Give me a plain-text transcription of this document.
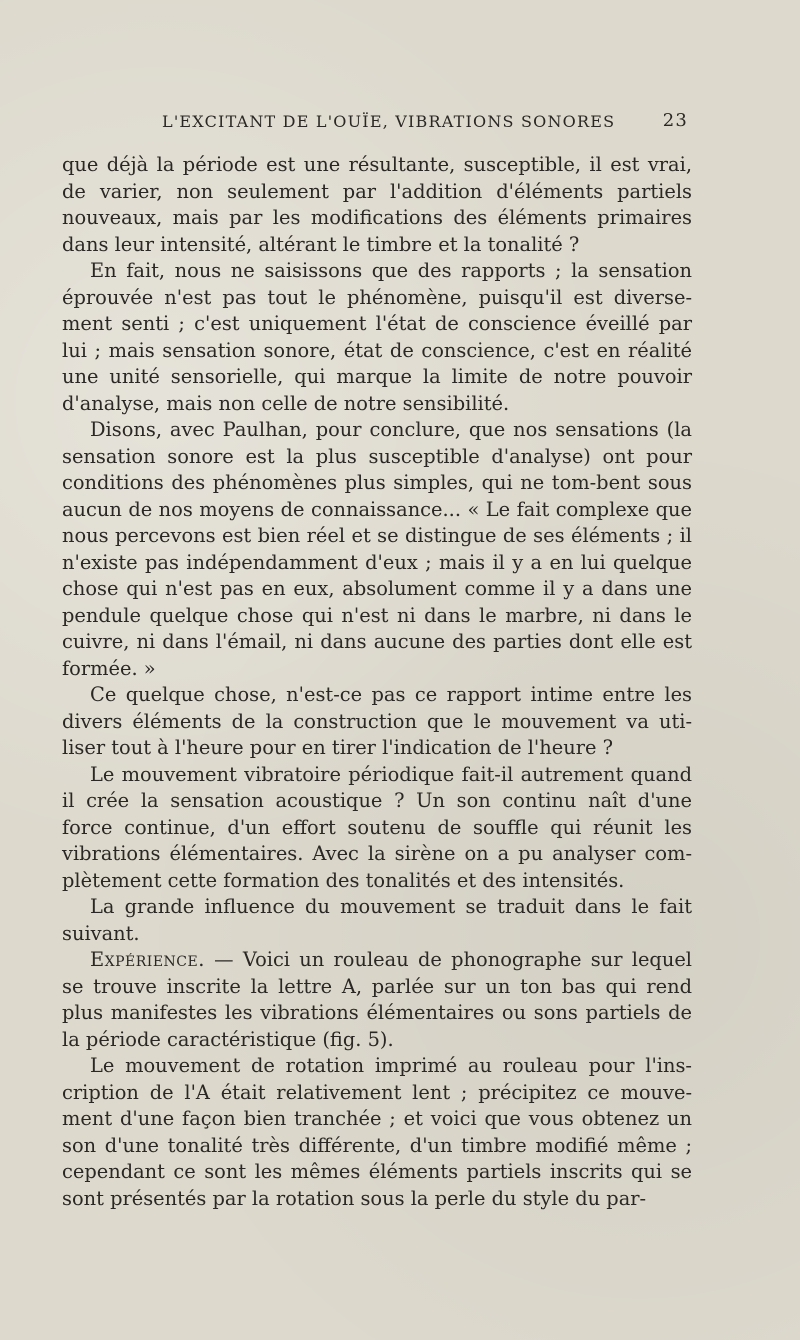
L'EXCITANT DE L'OUÏE, VIBRATIONS SONORES	23

que déjà la période est une résultante, susceptible, il est vrai, de varier, non seulement par l'addition d'éléments partiels nouveaux, mais par les modifications des éléments primaires dans leur intensité, altérant le timbre et la tonalité ?

En fait, nous ne saisissons que des rapports ; la sensation éprouvée n'est pas tout le phénomène, puisqu'il est diverse-ment senti ; c'est uniquement l'état de conscience éveillé par lui ; mais sensation sonore, état de conscience, c'est en réalité une unité sensorielle, qui marque la limite de notre pouvoir d'analyse, mais non celle de notre sensibilité.

Disons, avec Paulhan, pour conclure, que nos sensations (la sensation sonore est la plus susceptible d'analyse) ont pour conditions des phénomènes plus simples, qui ne tom-bent sous aucun de nos moyens de connaissance... « Le fait complexe que nous percevons est bien réel et se distingue de ses éléments ; il n'existe pas indépendamment d'eux ; mais il y a en lui quelque chose qui n'est pas en eux, absolument comme il y a dans une pendule quelque chose qui n'est ni dans le marbre, ni dans le cuivre, ni dans l'émail, ni dans aucune des parties dont elle est formée. »

Ce quelque chose, n'est-ce pas ce rapport intime entre les divers éléments de la construction que le mouvement va uti-liser tout à l'heure pour en tirer l'indication de l'heure ?

Le mouvement vibratoire périodique fait-il autrement quand il crée la sensation acoustique ? Un son continu naît d'une force continue, d'un effort soutenu de souffle qui réunit les vibrations élémentaires. Avec la sirène on a pu analyser com-plètement cette formation des tonalités et des intensités.

La grande influence du mouvement se traduit dans le fait suivant.

Expérience. — Voici un rouleau de phonographe sur lequel se trouve inscrite la lettre A, parlée sur un ton bas qui rend plus manifestes les vibrations élémentaires ou sons partiels de la période caractéristique (fig. 5).

Le mouvement de rotation imprimé au rouleau pour l'ins-cription de l'A était relativement lent ; précipitez ce mouve-ment d'une façon bien tranchée ; et voici que vous obtenez un son d'une tonalité très différente, d'un timbre modifié même ; cependant ce sont les mêmes éléments partiels inscrits qui se sont présentés par la rotation sous la perle du style du par-
